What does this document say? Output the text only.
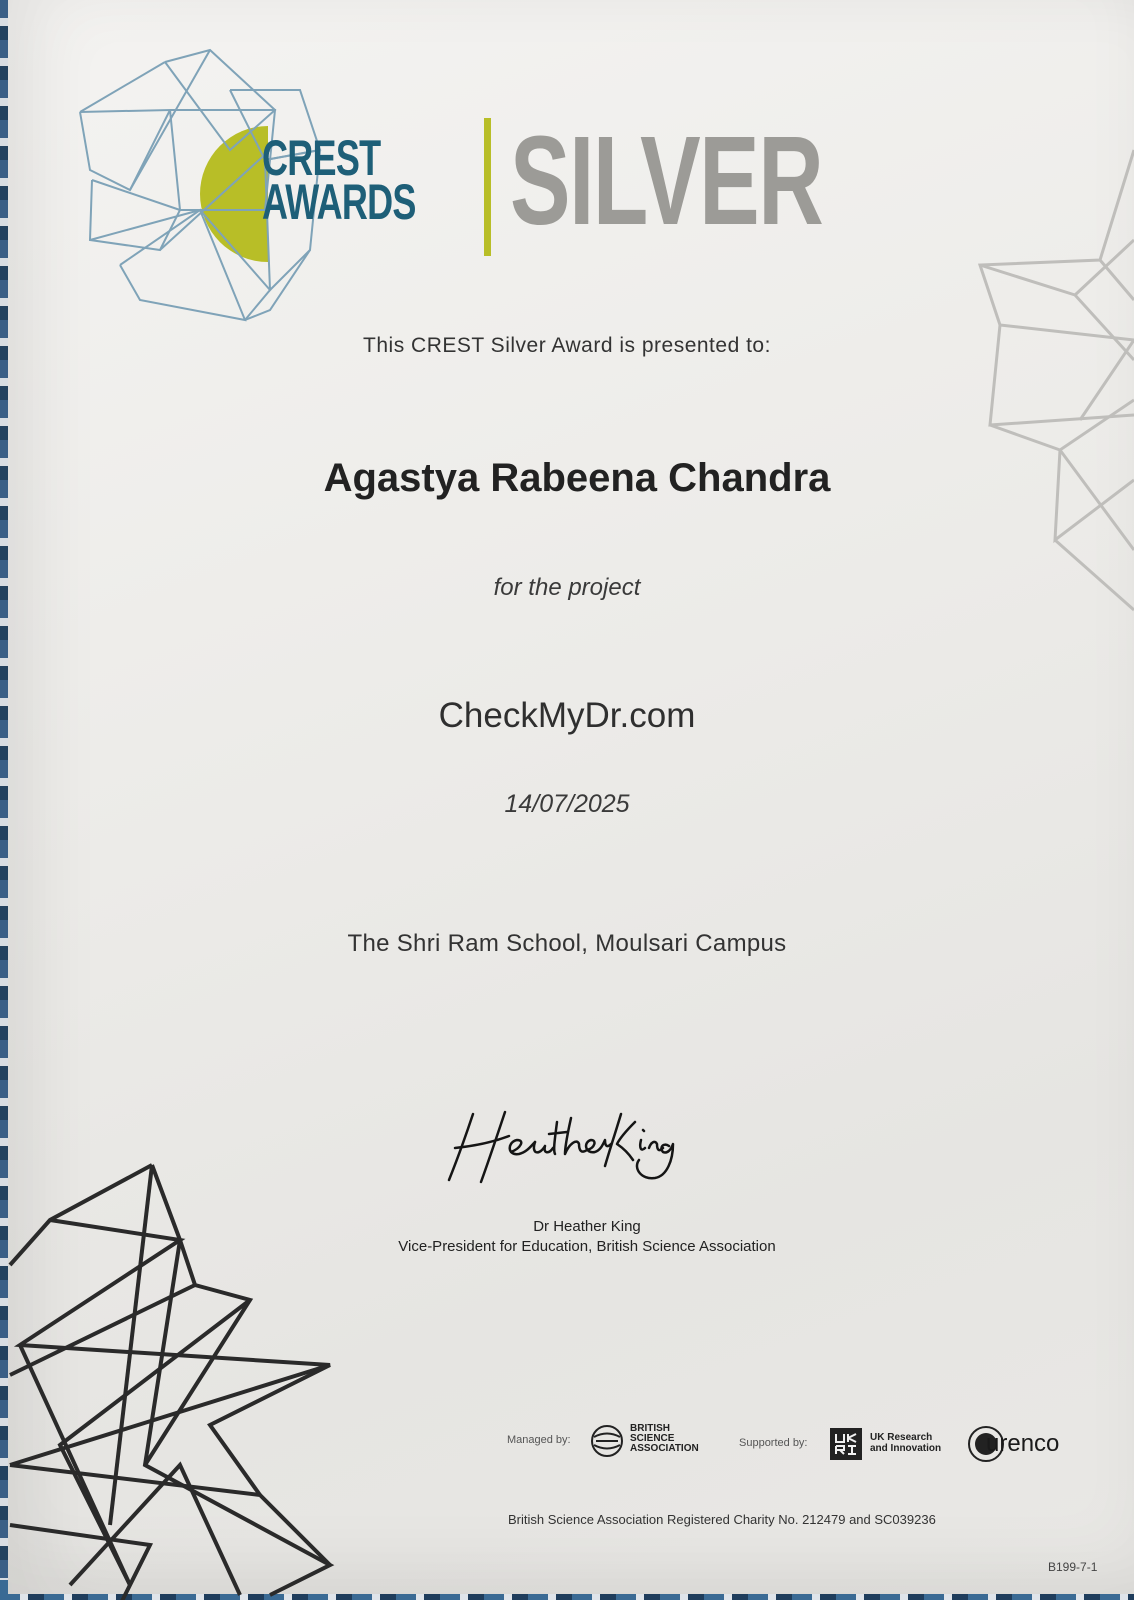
CREST
AWARDS SILVER
This CREST Silver Award is presented to:
Agastya Rabeena Chandra
for the project
CheckMyDr.com
14/07/2025
The Shri Ram School, Moulsari Campus
Dr Heather King
Vice-President for Education, British Science Association
Managed by:
BRITISH
SCIENCE
ASSOCIATION	Supported by:	UK Research
and Innovation urenco
British Science Association Registered Charity No. 212479 and SC039236
B199-7-1
